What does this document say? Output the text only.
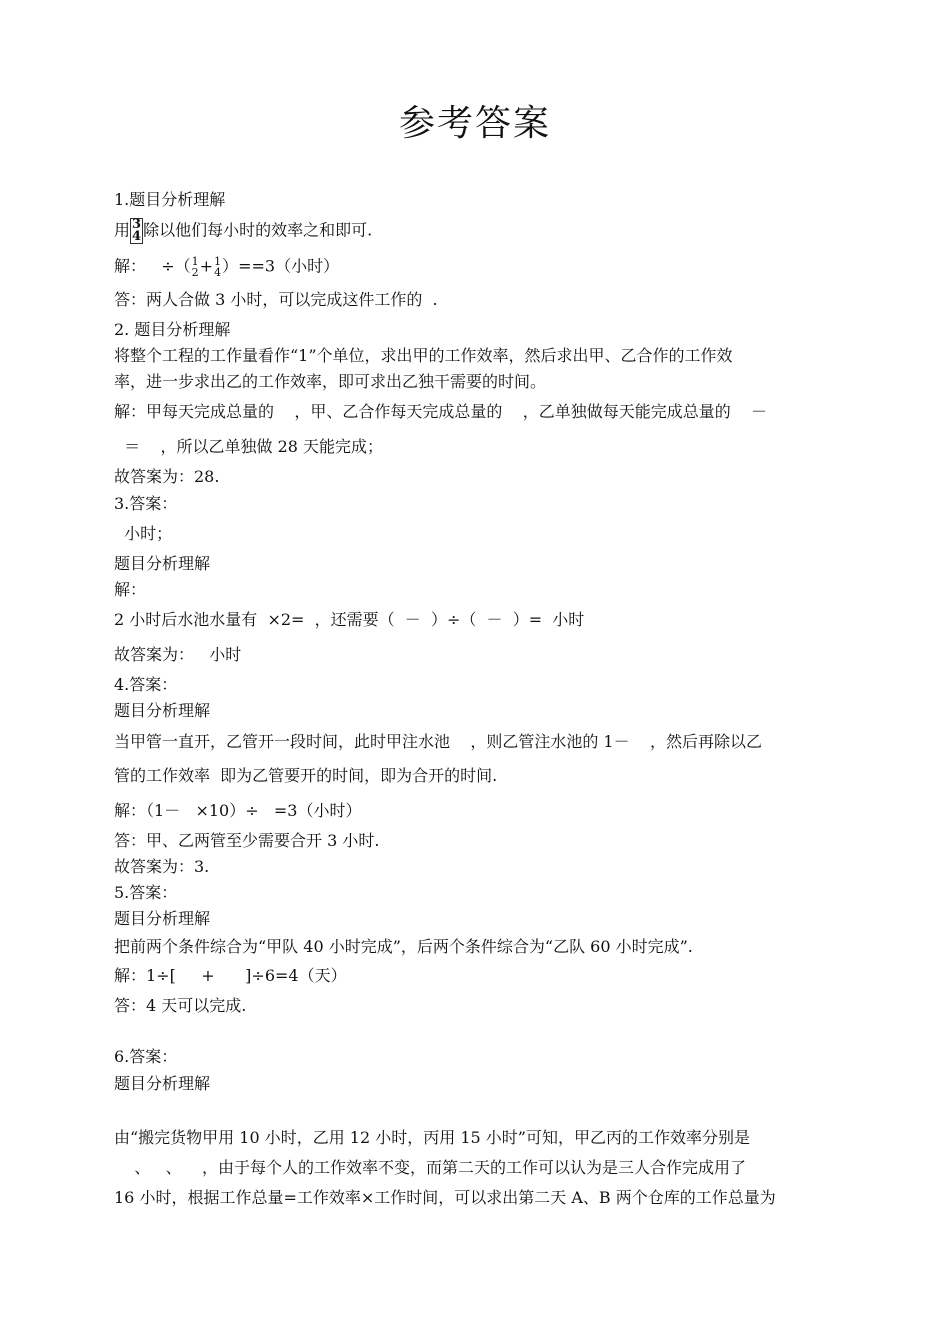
参考答案
1.题目分析理解
用 3
4 除以他们每小时的效率之和即可.
解：   ÷（ 1
2 + 1
4 ）==3（小时）
答：两人合做 3 小时，可以完成这件工作的  .
2. 题目分析理解
将整个工程的工作量看作“1”个单位，求出甲的工作效率，然后求出甲、乙合作的工作效
率，进一步求出乙的工作效率，即可求出乙独干需要的时间。
解：甲每天完成总量的    ，甲、乙合作每天完成总量的    ，乙单独做每天能完成总量的    －
＝    ，所以乙单独做 28 天能完成；
故答案为：28.
3.答案：
小时；
题目分析理解
解：
2 小时后水池水量有  ×2=  ，还需要（  －  ）÷（  －  ）=  小时
故答案为：   小时
4.答案：
题目分析理解
当甲管一直开，乙管开一段时间，此时甲注水池    ，则乙管注水池的 1－    ，然后再除以乙
管的工作效率  即为乙管要开的时间，即为合开的时间.
解：（1－   ×10）÷   =3（小时）
答：甲、乙两管至少需要合开 3 小时.
故答案为：3.
5.答案：
题目分析理解
把前两个条件综合为“甲队 40 小时完成”，后两个条件综合为“乙队 60 小时完成”.
解：1÷[     +      ]÷6=4（天）
答：4 天可以完成.
6.答案：
题目分析理解
由“搬完货物甲用 10 小时，乙用 12 小时，丙用 15 小时”可知，甲乙丙的工作效率分别是
、   、    ，由于每个人的工作效率不变，而第二天的工作可以认为是三人合作完成用了
16 小时，根据工作总量=工作效率×工作时间，可以求出第二天 A、B 两个仓库的工作总量为
